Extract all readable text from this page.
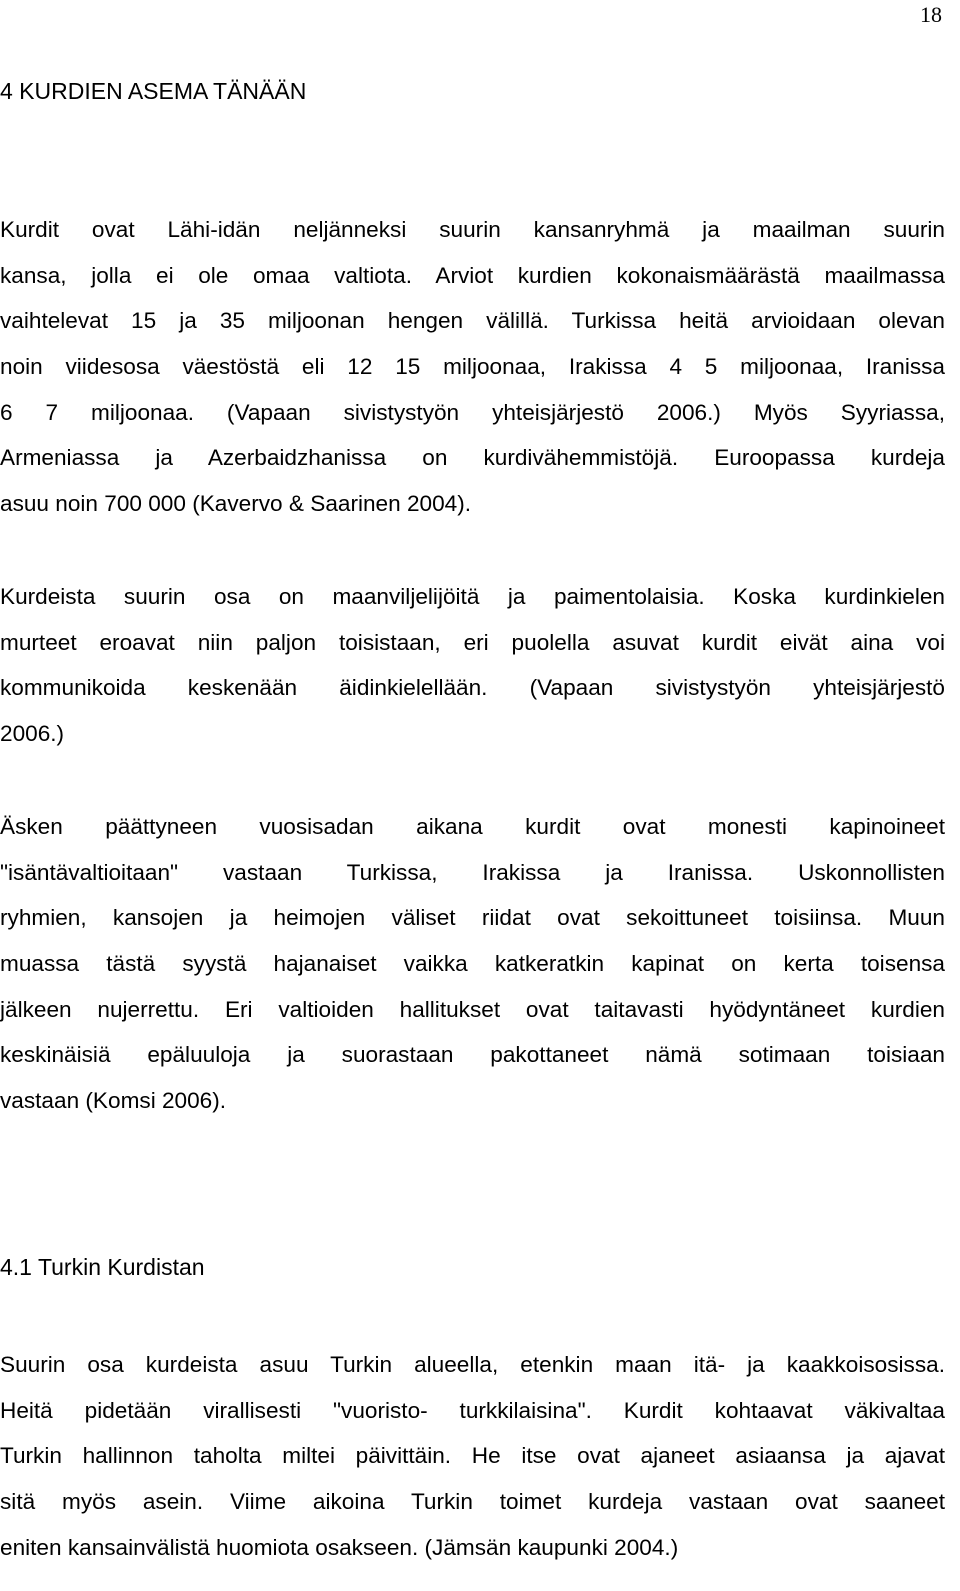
18
4 KURDIEN ASEMA TÄNÄÄN
Kurdit ovat Lähi-idän neljänneksi suurin kansanryhmä ja maailman suurin
kansa, jolla ei ole omaa valtiota. Arviot kurdien kokonaismäärästä maailmassa
vaihtelevat 15 ja 35 miljoonan hengen välillä. Turkissa heitä arvioidaan olevan
noin viidesosa väestöstä eli 12 15 miljoonaa, Irakissa 4 5 miljoonaa, Iranissa
6 7 miljoonaa. (Vapaan sivistystyön yhteisjärjestö 2006.) Myös Syyriassa,
Armeniassa ja Azerbaidzhanissa on kurdivähemmistöjä. Euroopassa kurdeja
asuu noin 700 000 (Kavervo & Saarinen 2004).
Kurdeista suurin osa on maanviljelijöitä ja paimentolaisia. Koska kurdinkielen
murteet eroavat niin paljon toisistaan, eri puolella asuvat kurdit eivät aina voi
kommunikoida keskenään äidinkielellään. (Vapaan sivistystyön yhteisjärjestö
2006.)
Äsken päättyneen vuosisadan aikana kurdit ovat monesti kapinoineet
"isäntävaltioitaan" vastaan Turkissa, Irakissa ja Iranissa. Uskonnollisten
ryhmien, kansojen ja heimojen väliset riidat ovat sekoittuneet toisiinsa. Muun
muassa tästä syystä hajanaiset vaikka katkeratkin kapinat on kerta toisensa
jälkeen nujerrettu. Eri valtioiden hallitukset ovat taitavasti hyödyntäneet kurdien
keskinäisiä epäluuloja ja suorastaan pakottaneet nämä sotimaan toisiaan
vastaan (Komsi 2006).
4.1 Turkin Kurdistan
Suurin osa kurdeista asuu Turkin alueella, etenkin maan itä- ja kaakkoisosissa.
Heitä pidetään virallisesti "vuoristo- turkkilaisina". Kurdit kohtaavat väkivaltaa
Turkin hallinnon taholta miltei päivittäin. He itse ovat ajaneet asiaansa ja ajavat
sitä myös asein. Viime aikoina Turkin toimet kurdeja vastaan ovat saaneet
eniten kansainvälistä huomiota osakseen. (Jämsän kaupunki 2004.)
